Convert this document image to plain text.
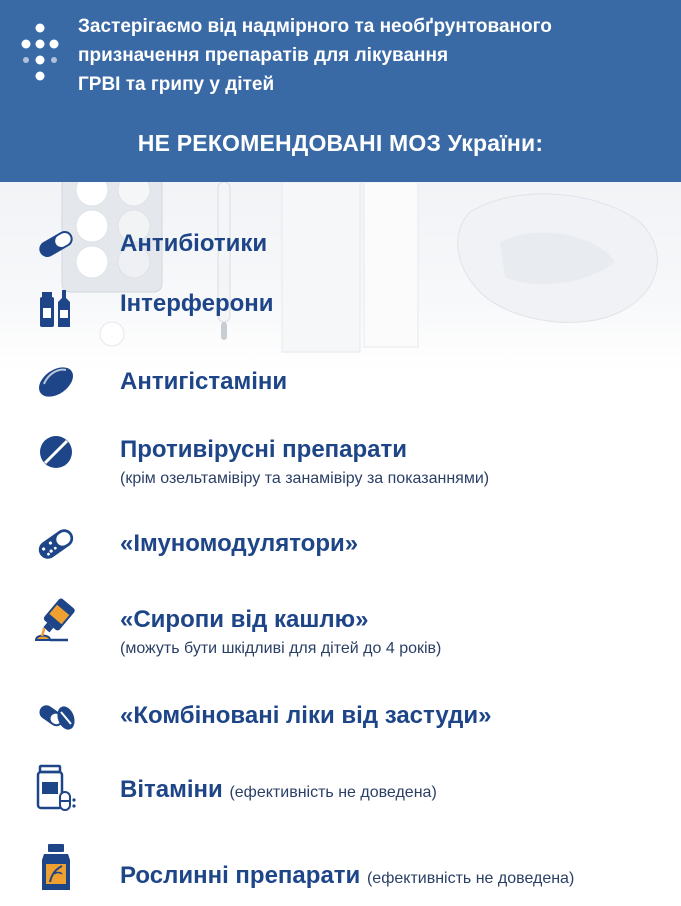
Застерігаємо від надмірного та необґрунтованого
призначення препаратів для лікування
ГРВІ та грипу у дітей
НЕ РЕКОМЕНДОВАНІ МОЗ України:
Антибіотики
Інтерферони
Антигістаміни
Противірусні препарати
(крім озельтамівіру та занамівіру за показаннями)
«Імуномодулятори»
«Сиропи від кашлю»
(можуть бути шкідливі для дітей до 4 років)
«Комбіновані ліки від застуди»
Вітаміни (ефективність не доведена)
Рослинні препарати (ефективність не доведена)
